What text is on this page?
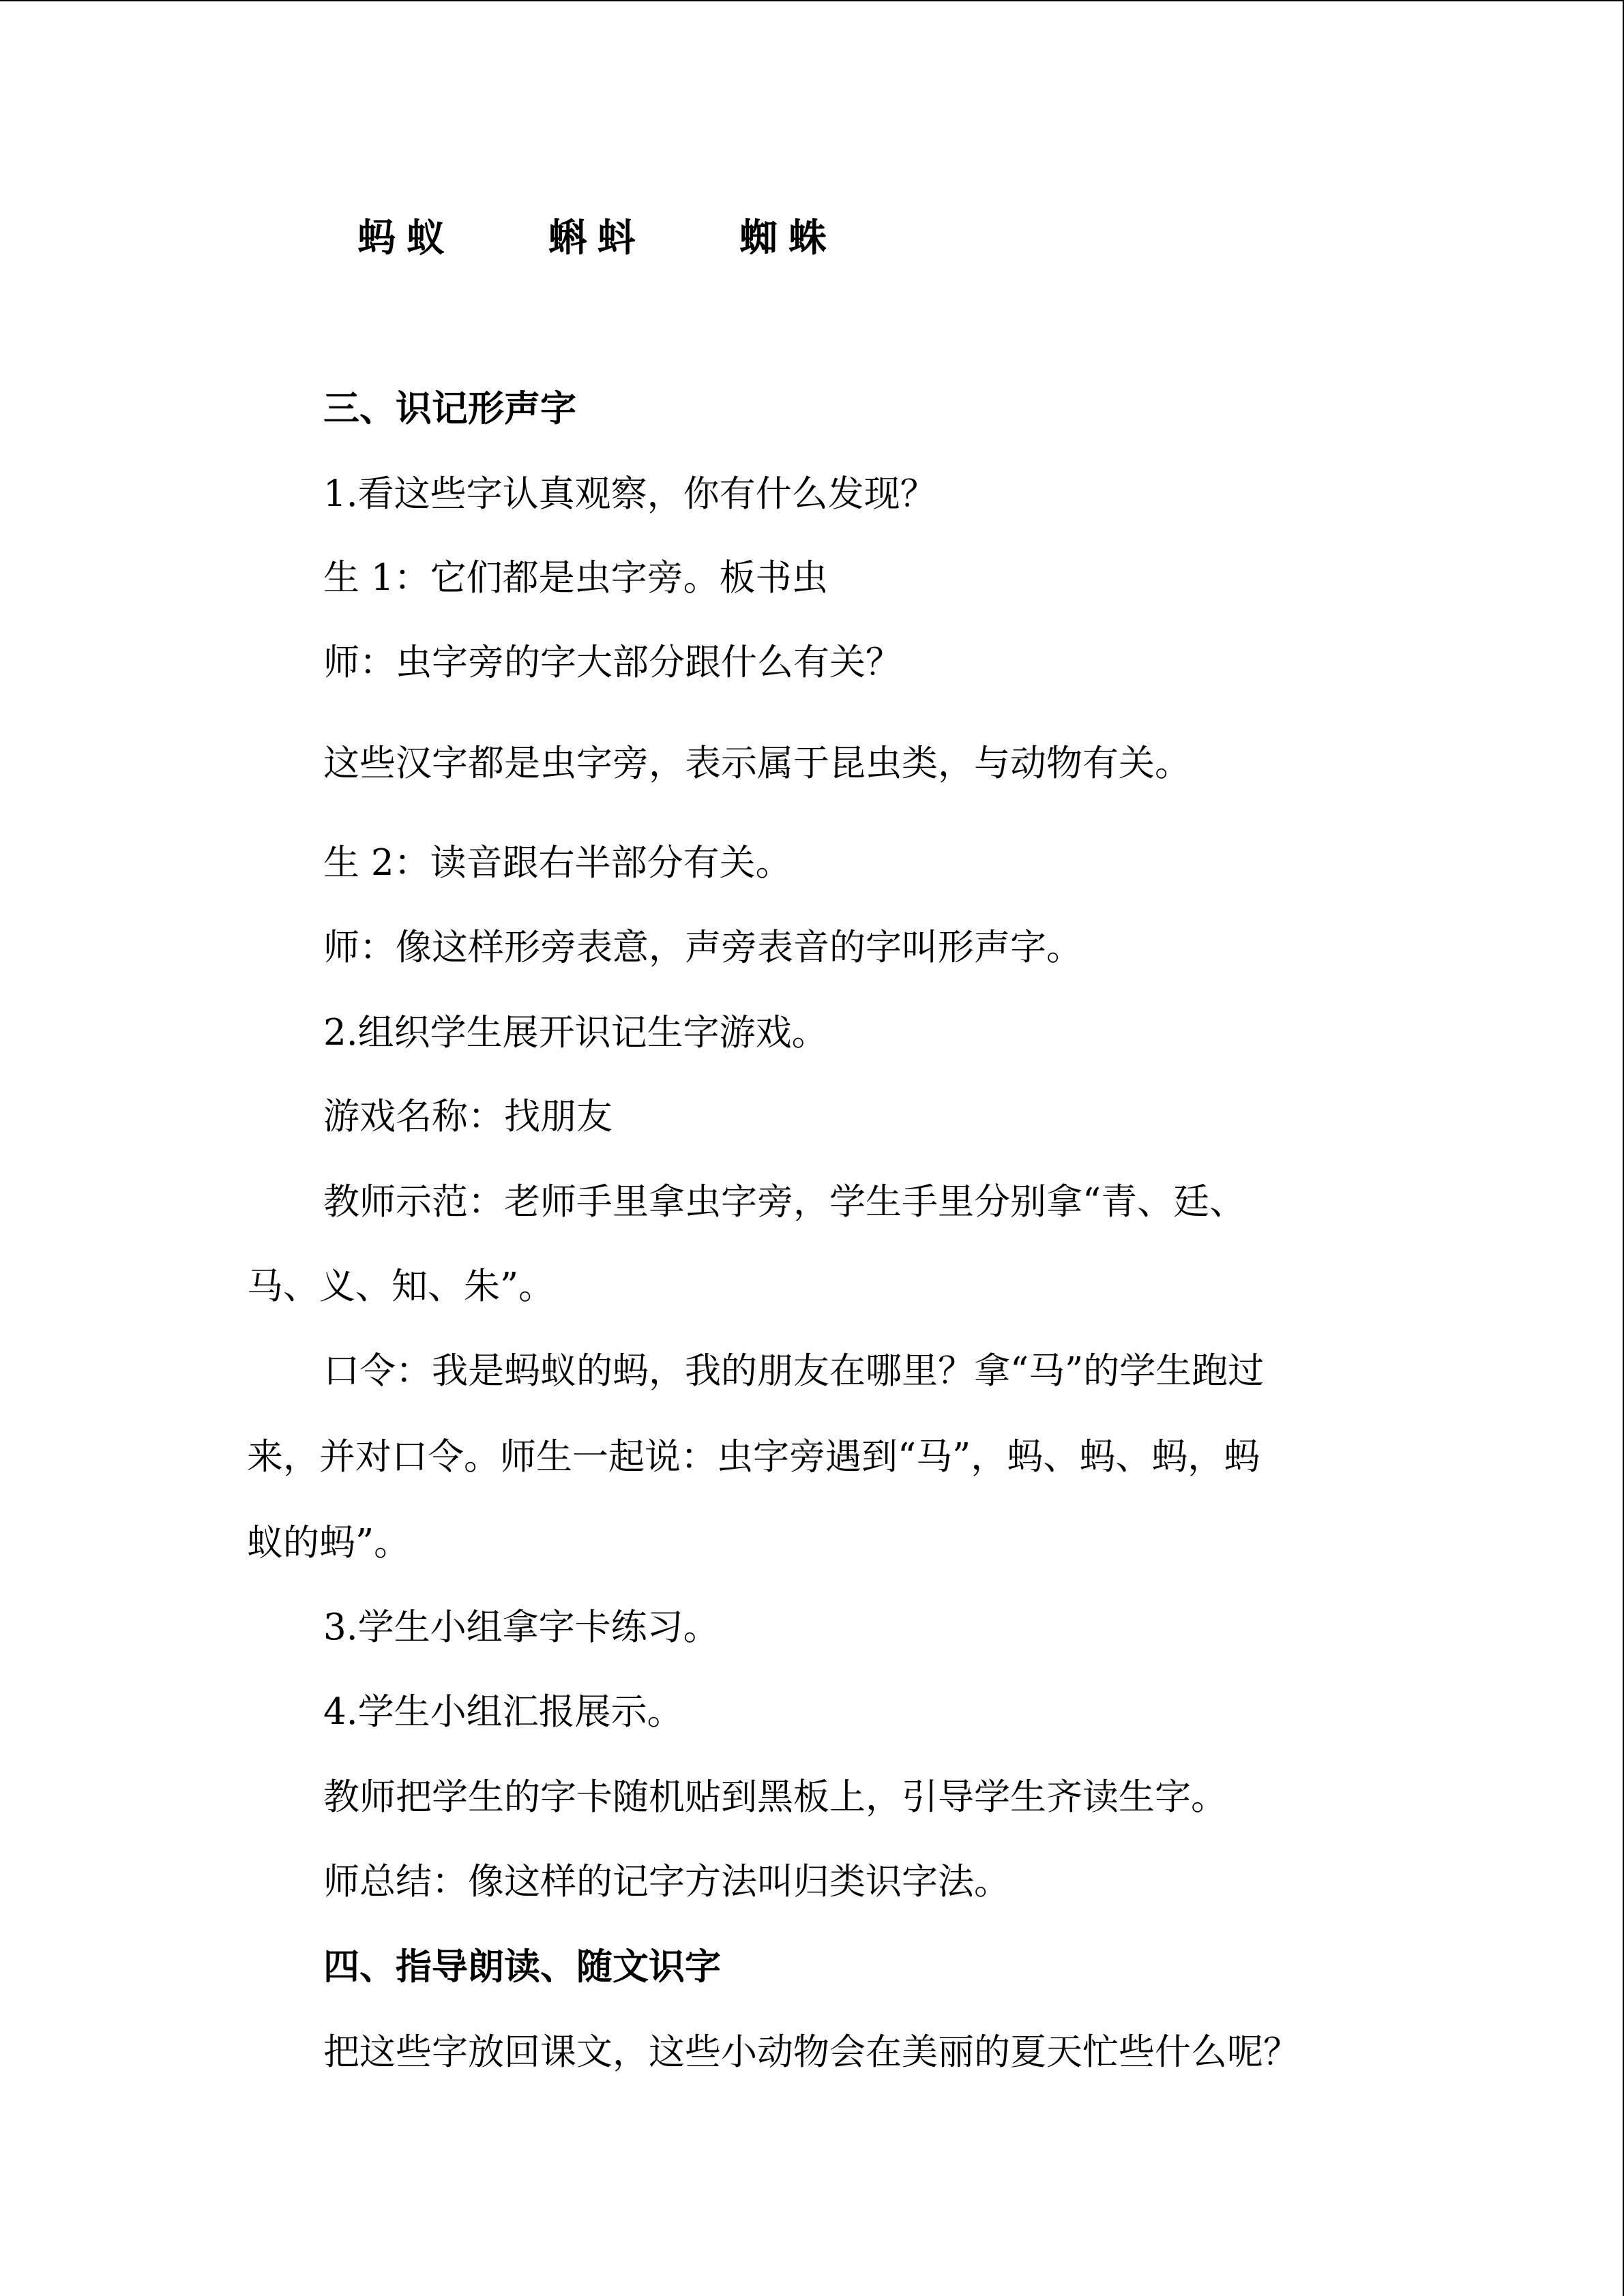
蚂蚁 蝌蚪 蜘蛛
三、识记形声字
1.看这些字认真观察，你有什么发现？
生 1：它们都是虫字旁。板书虫
师：虫字旁的字大部分跟什么有关？
这些汉字都是虫字旁，表示属于昆虫类，与动物有关。
生 2：读音跟右半部分有关。
师：像这样形旁表意，声旁表音的字叫形声字。
2.组织学生展开识记生字游戏。
游戏名称：找朋友
教师示范：老师手里拿虫字旁，学生手里分别拿“青、廷、
马、义、知、朱”。
口令：我是蚂蚁的蚂，我的朋友在哪里？拿“马”的学生跑过
来，并对口令。师生一起说：虫字旁遇到“马”，蚂、蚂、蚂，蚂
蚁的蚂”。
3.学生小组拿字卡练习。
4.学生小组汇报展示。
教师把学生的字卡随机贴到黑板上，引导学生齐读生字。
师总结：像这样的记字方法叫归类识字法。
四、指导朗读、随文识字
把这些字放回课文，这些小动物会在美丽的夏天忙些什么呢？
